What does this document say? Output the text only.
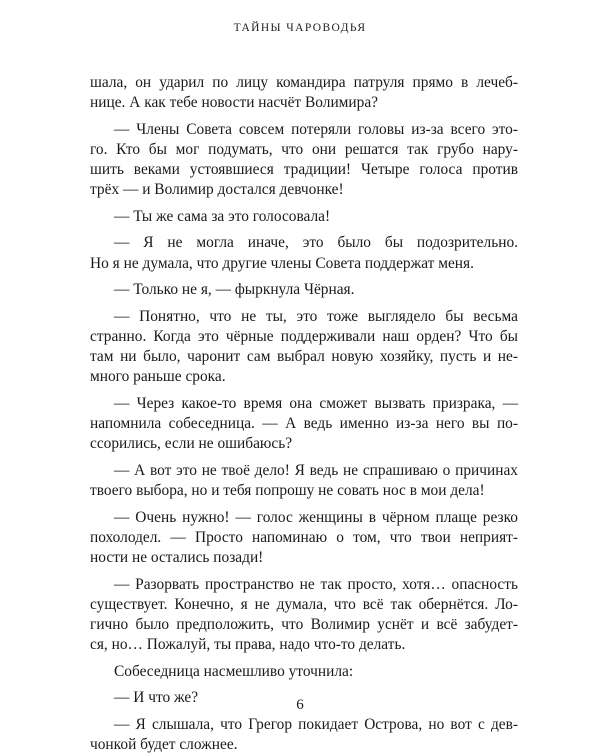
ТАЙНЫ ЧАРОВОДЬЯ
шала, он ударил по лицу командира патруля прямо в лечеб-
нице. А как тебе новости насчёт Волимира?
— Члены Совета совсем потеряли головы из-за всего это-
го. Кто бы мог подумать, что они решатся так грубо нару-
шить веками устоявшиеся традиции! Четыре голоса против
трёх — и Волимир достался девчонке!
— Ты же сама за это голосовала!
— Я не могла иначе, это было бы подозрительно.
Но я не думала, что другие члены Совета поддержат меня.
— Только не я, — фыркнула Чёрная.
— Понятно, что не ты, это тоже выглядело бы весьма
странно. Когда это чёрные поддерживали наш орден? Что бы
там ни было, чаронит сам выбрал новую хозяйку, пусть и не-
много раньше срока.
— Через какое-то время она сможет вызвать призрака, —
напомнила собеседница. — А ведь именно из-за него вы по-
ссорились, если не ошибаюсь?
— А вот это не твоё дело! Я ведь не спрашиваю о причинах
твоего выбора, но и тебя попрошу не совать нос в мои дела!
— Очень нужно! — голос женщины в чёрном плаще резко
похолодел. — Просто напоминаю о том, что твои неприят-
ности не остались позади!
— Разорвать пространство не так просто, хотя… опасность
существует. Конечно, я не думала, что всё так обернётся. Ло-
гично было предположить, что Волимир уснёт и всё забудет-
ся, но… Пожалуй, ты права, надо что-то делать.
Собеседница насмешливо уточнила:
— И что же?
— Я слышала, что Грегор покидает Острова, но вот с дев-
чонкой будет сложнее.
6
